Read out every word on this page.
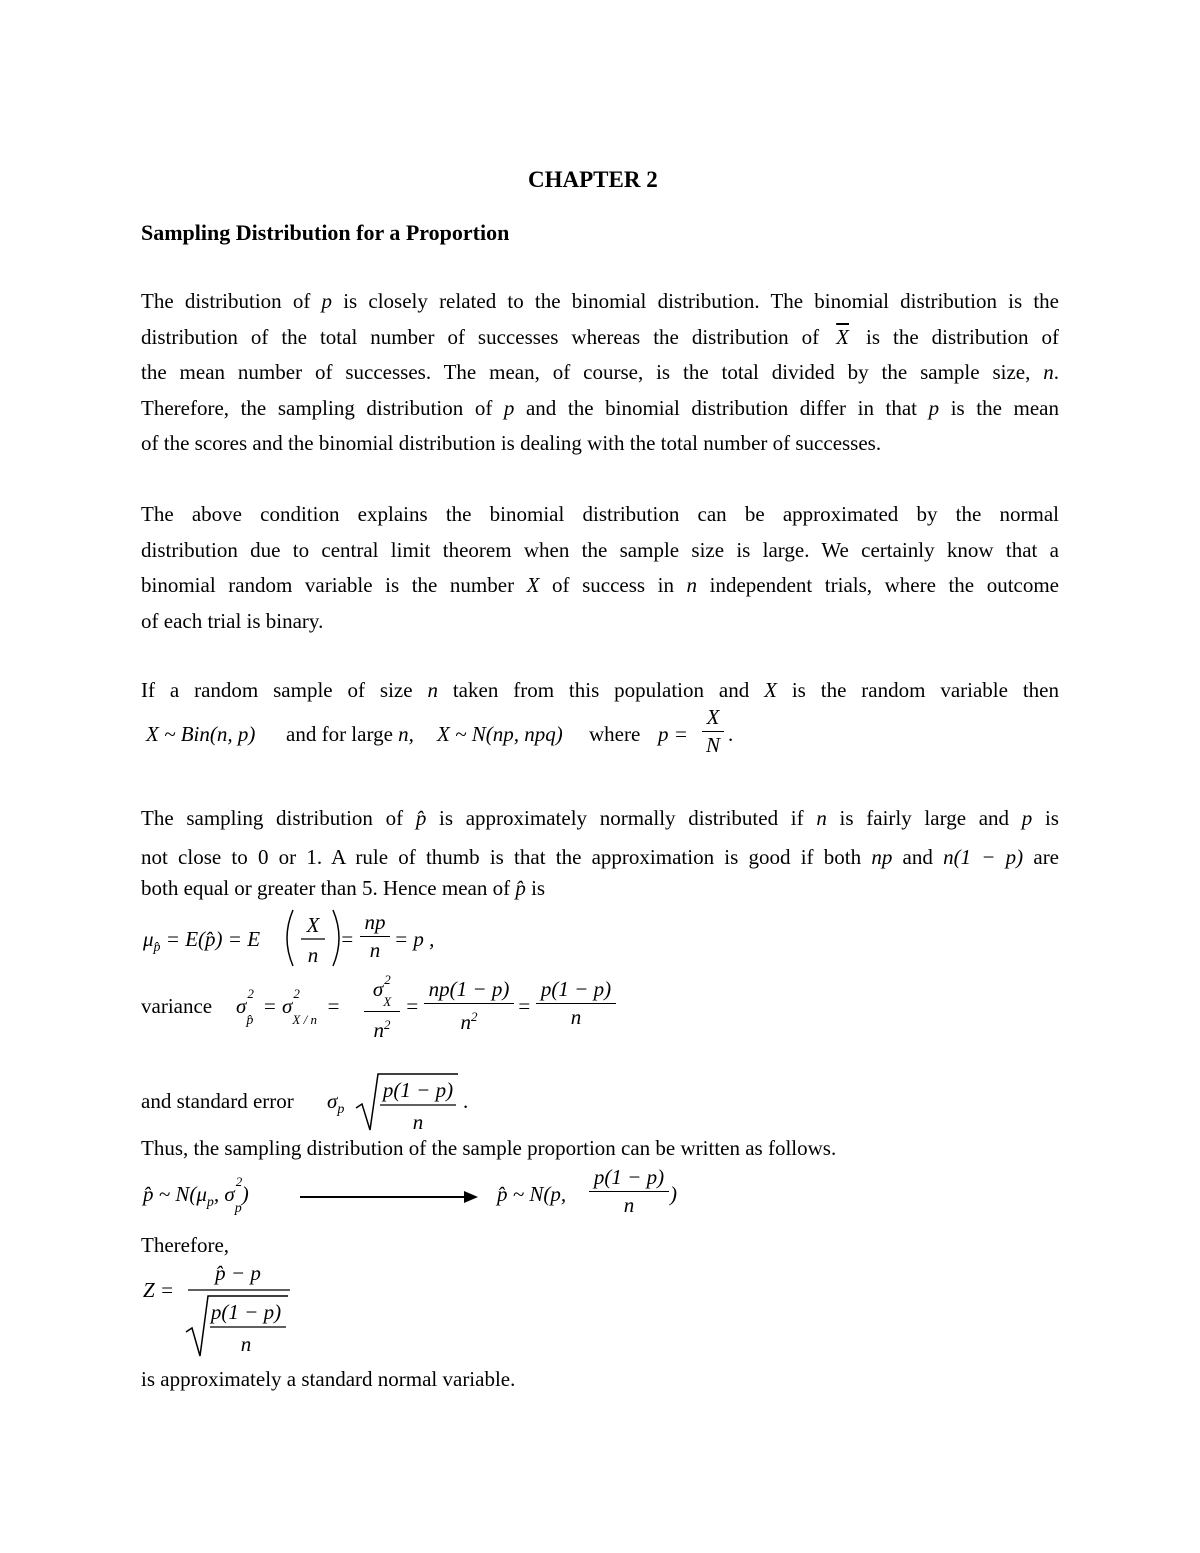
CHAPTER 2
Sampling Distribution for a Proportion
The distribution of p is closely related to the binomial distribution. The binomial distribution is the
distribution of the total number of successes whereas the distribution of $\overline{X}$ is the distribution of
the mean number of successes. The mean, of course, is the total divided by the sample size, n.
Therefore, the sampling distribution of p and the binomial distribution differ in that p is the mean
of the scores and the binomial distribution is dealing with the total number of successes.
The above condition explains the binomial distribution can be approximated by the normal
distribution due to central limit theorem when the sample size is large. We certainly know that a
binomial random variable is the number X of success in n independent trials, where the outcome
of each trial is binary.
If a random sample of size n taken from this population and X is the random variable then
X ~ Bin(n, p) and for large n, X ~ N(np, npq) where p =
X
N .
The sampling distribution of p̂ is approximately normally distributed if n is fairly large and p is
not close to 0 or 1. A rule of thumb is that the approximation is good if both np and n(1 − p) are
both equal or greater than 5. Hence mean of p̂ is
$\mu_{p̂}$ = E(p̂) = E
X
n
=
np
n = p ,
variance σ
2
$_{p̂}$ = σ
2
$_{X / n}$ =
σ 2
$_X$
$n^2$
=
np(1 − p)
$n^2$	=
p(1 − p)
n
and standard error $\sigma_p$
p(1 − p)
n
.
Thus, the sampling distribution of the sample proportion can be written as follows.
p̂ ~ $N(\mu_p$, σ
2
$_p$)	p̂ ~ N(p,
p(1 − p)
n	)
Therefore,
Z =
p̂ − p
p(1 − p)
n
is approximately a standard normal variable.
